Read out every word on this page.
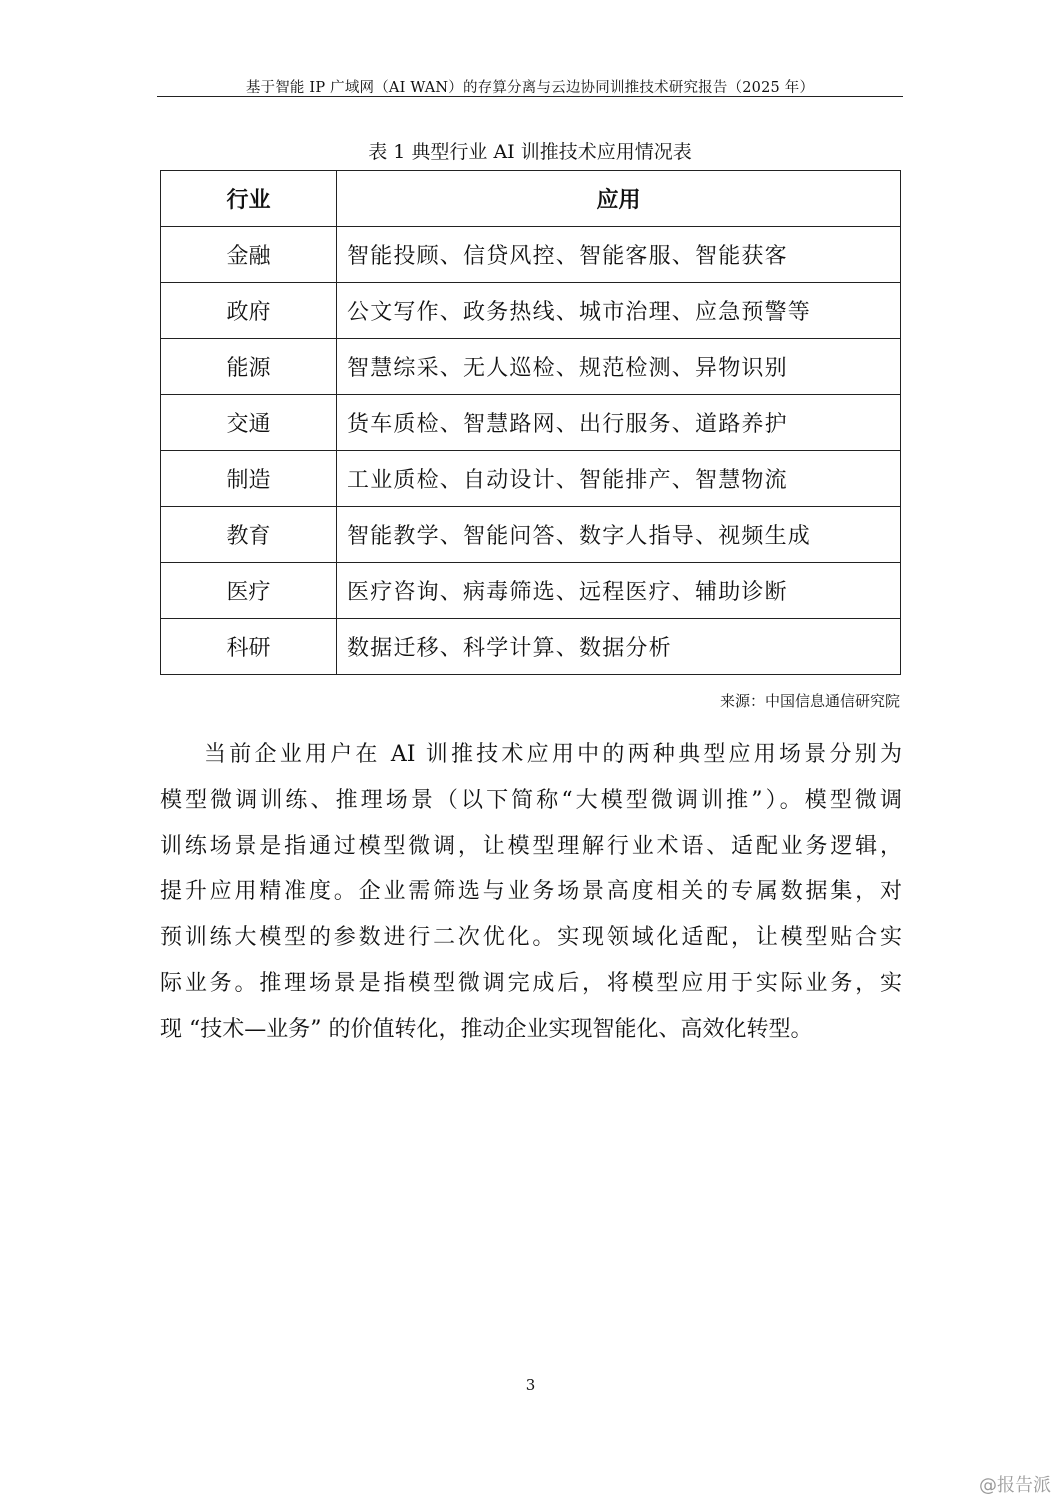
基于智能 IP 广域网（AI WAN）的存算分离与云边协同训推技术研究报告（2025 年）
表 1 典型行业 AI 训推技术应用情况表
行业	应用
金融	智能投顾、信贷风控、智能客服、智能获客
政府	公文写作、政务热线、城市治理、应急预警等
能源	智慧综采、无人巡检、规范检测、异物识别
交通	货车质检、智慧路网、出行服务、道路养护
制造	工业质检、自动设计、智能排产、智慧物流
教育	智能教学、智能问答、数字人指导、视频生成
医疗	医疗咨询、病毒筛选、远程医疗、辅助诊断
科研	数据迁移、科学计算、数据分析
来源：中国信息通信研究院

当前企业用户在 AI 训推技术应用中的两种典型应用场景分别为
模型微调训练、推理场景（以下简称“大模型微调训推”）。模型微调
训练场景是指通过模型微调，让模型理解行业术语、适配业务逻辑，
提升应用精准度。企业需筛选与业务场景高度相关的专属数据集，对
预训练大模型的参数进行二次优化。实现领域化适配，让模型贴合实
际业务。推理场景是指模型微调完成后，将模型应用于实际业务，实
现 “技术—业务” 的价值转化，推动企业实现智能化、高效化转型。

3
@报告派
